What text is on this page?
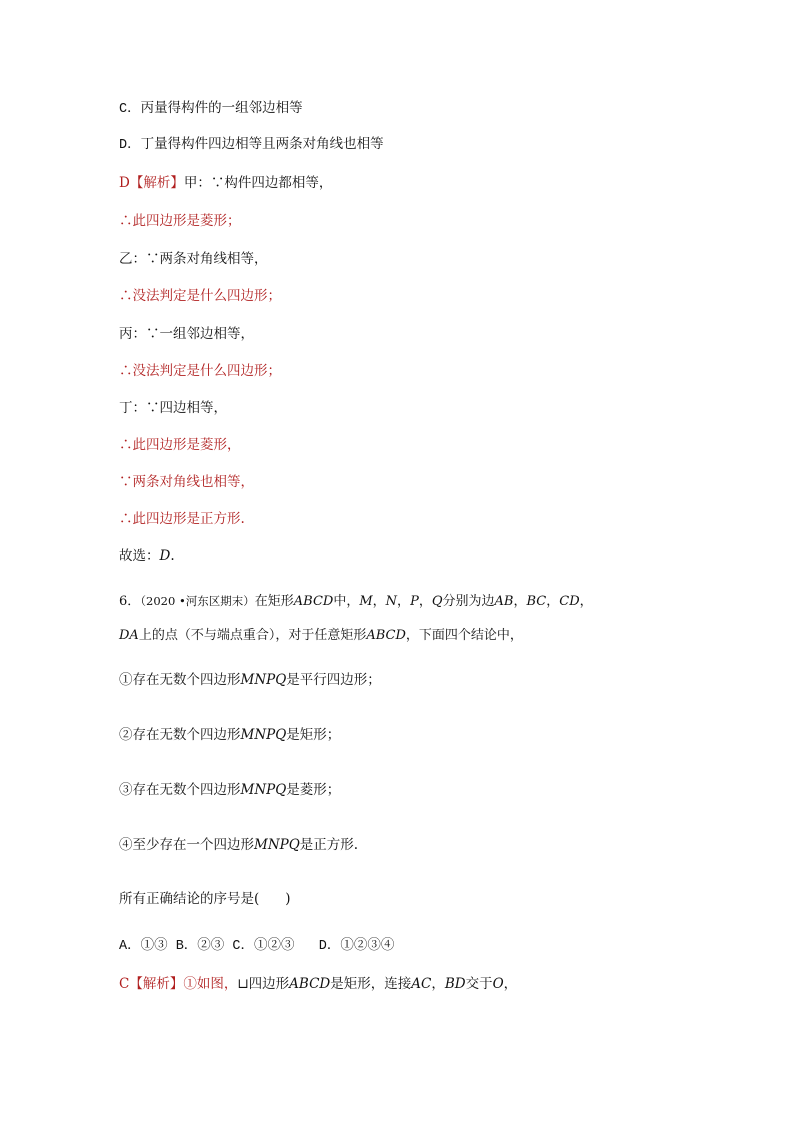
C．丙量得构件的一组邻边相等
D．丁量得构件四边相等且两条对角线也相等
D【解析】甲：∵构件四边都相等，
∴此四边形是菱形；
乙：∵两条对角线相等，
∴没法判定是什么四边形；
丙：∵一组邻边相等，
∴没法判定是什么四边形；
丁：∵四边相等，
∴此四边形是菱形，
∵两条对角线也相等，
∴此四边形是正方形.
故选：D.
6．（2020 •河东区期末）在矩形ABCD中，M，N，P，Q分别为边AB，BC，CD，
DA上的点（不与端点重合），对于任意矩形ABCD，下面四个结论中，
①存在无数个四边形MNPQ是平行四边形；
②存在无数个四边形MNPQ是矩形；
③存在无数个四边形MNPQ是菱形；
④至少存在一个四边形MNPQ是正方形.
所有正确结论的序号是( )
A．①③ B．②③ C．①②③   D．①②③④
C【解析】①如图，⊔四边形ABCD是矩形，连接AC，BD交于O，
